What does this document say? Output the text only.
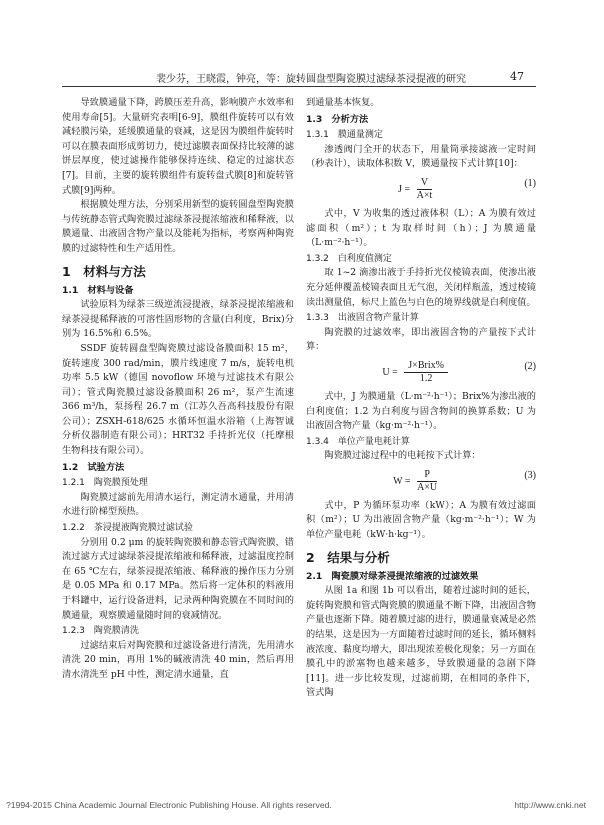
裴少芬，王晓霞，钟亮，等：旋转圆盘型陶瓷膜过滤绿茶浸提液的研究	47

导致膜通量下降，跨膜压差升高，影响膜产水效率和使用寿命[5]。大量研究表明[6-9]，膜组件旋转可以有效减轻膜污染，延缓膜通量的衰减，这是因为膜组件旋转时可以在膜表面形成剪切力，使过滤膜表面保持比较薄的滤饼层厚度，使过滤操作能够保持连续、稳定的过滤状态[7]。目前，主要的旋转膜组件有旋转盘式膜[8]和旋转管式膜[9]两种。

根据膜处理方法，分别采用新型的旋转圆盘型陶瓷膜与传统静态管式陶瓷膜过滤绿茶浸提浓缩液和稀释液，以膜通量、出液固含物产量以及能耗为指标，考察两种陶瓷膜的过滤特性和生产适用性。

1　材料与方法
1.1　材料与设备

试验原料为绿茶三级逆流浸提液，绿茶浸提浓缩液和绿茶浸提稀释液的可溶性固形物的含量(白利度，Brix)分别为 16.5%和 6.5%。

SSDF 旋转圆盘型陶瓷膜过滤设备膜面积 15 m²，旋转速度 300 rad/min，膜片线速度 7 m/s，旋转电机功率 5.5 kW（德国 novoflow 环境与过滤技术有限公司）；管式陶瓷膜过滤设备膜面积 26 m²，泵产生流速 366 m³/h，泵扬程 26.7 m（江苏久吾高科技股份有限公司）；ZSXH-618/625 水循环恒温水浴箱（上海智诚分析仪器制造有限公司）；HRT32 手持折光仪（托摩根生物科技有限公司）。

1.2　试验方法
1.2.1　陶瓷膜预处理

陶瓷膜过滤前先用清水运行，测定清水通量，并用清水进行阶梯型预热。

1.2.2　茶浸提液陶瓷膜过滤试验

分别用 0.2 μm 的旋转陶瓷膜和静态管式陶瓷膜，错流过滤方式过滤绿茶浸提浓缩液和稀释液，过滤温度控制在 65 ℃左右，绿茶浸提浓缩液、稀释液的操作压力分别是 0.05 MPa 和 0.17 MPa。然后将一定体积的料液用于料罐中，运行设备进料，记录两种陶瓷膜在不同时间的膜通量，观察膜通量随时间的衰减情况。

1.2.3　陶瓷膜清洗

过滤结束后对陶瓷膜和过滤设备进行清洗，先用清水清洗 20 min，再用 1%的碱液清洗 40 min，然后再用清水清洗至 pH 中性，测定清水通量，直

到通量基本恢复。

1.3　分析方法
1.3.1　膜通量测定

渗透阀门全开的状态下，用量筒承接滤液一定时间（秒表计），读取体积数 V，膜通量按下式计算[10]：

$J = \frac{V}{A\times t}$	(1)

式中，V 为收集的透过液体积（L）；A 为膜有效过滤面积（m²）；t 为取样时间（h）；J 为膜通量（L·m⁻²·h⁻¹）。

1.3.2　白利度值测定

取 1~2 滴渗出液于手持折光仪棱镜表面，使渗出液充分延伸覆盖棱镜表面且无气泡，关闭样瓶盖，透过棱镜读出测量值，标尺上蓝色与白色的境界线就是白利度值。

1.3.3　出液固含物产量计算

陶瓷膜的过滤效率，即出液固含物的产量按下式计算：

$U = \frac{\text{J×Brix\%}}{1.2}$	(2)

式中，J 为膜通量（L·m⁻²·h⁻¹）；Brix%为渗出液的白利度值；1.2 为白利度与固含物间的换算系数；U 为出液固含物产量（kg·m⁻²·h⁻¹）。

1.3.4　单位产量电耗计算

陶瓷膜过滤过程中的电耗按下式计算：

$W = \frac{P}{A\times U}$	(3)

式中，P 为循环泵功率（kW）；A 为膜有效过滤面积（m²）；U 为出液固含物产量（kg·m⁻²·h⁻¹）；W 为单位产量电耗（kW·h·kg⁻¹）。

2　结果与分析
2.1　陶瓷膜对绿茶浸提浓缩液的过滤效果

从图 1a 和图 1b 可以看出，随着过滤时间的延长，旋转陶瓷膜和管式陶瓷膜的膜通量不断下降，出液固含物产量也逐渐下降。随着膜过滤的进行，膜通量衰减是必然的结果，这是因为一方面随着过滤时间的延长，循环侧料液浓度、黏度均增大，即出现浓差极化现象；另一方面在膜孔中的淤塞物也越来越多，导致膜通量的急剧下降[11]。进一步比较发现，过滤前期，在相同的条件下，管式陶

?1994-2015 China Academic Journal Electronic Publishing House. All rights reserved.	http://www.cnki.net
